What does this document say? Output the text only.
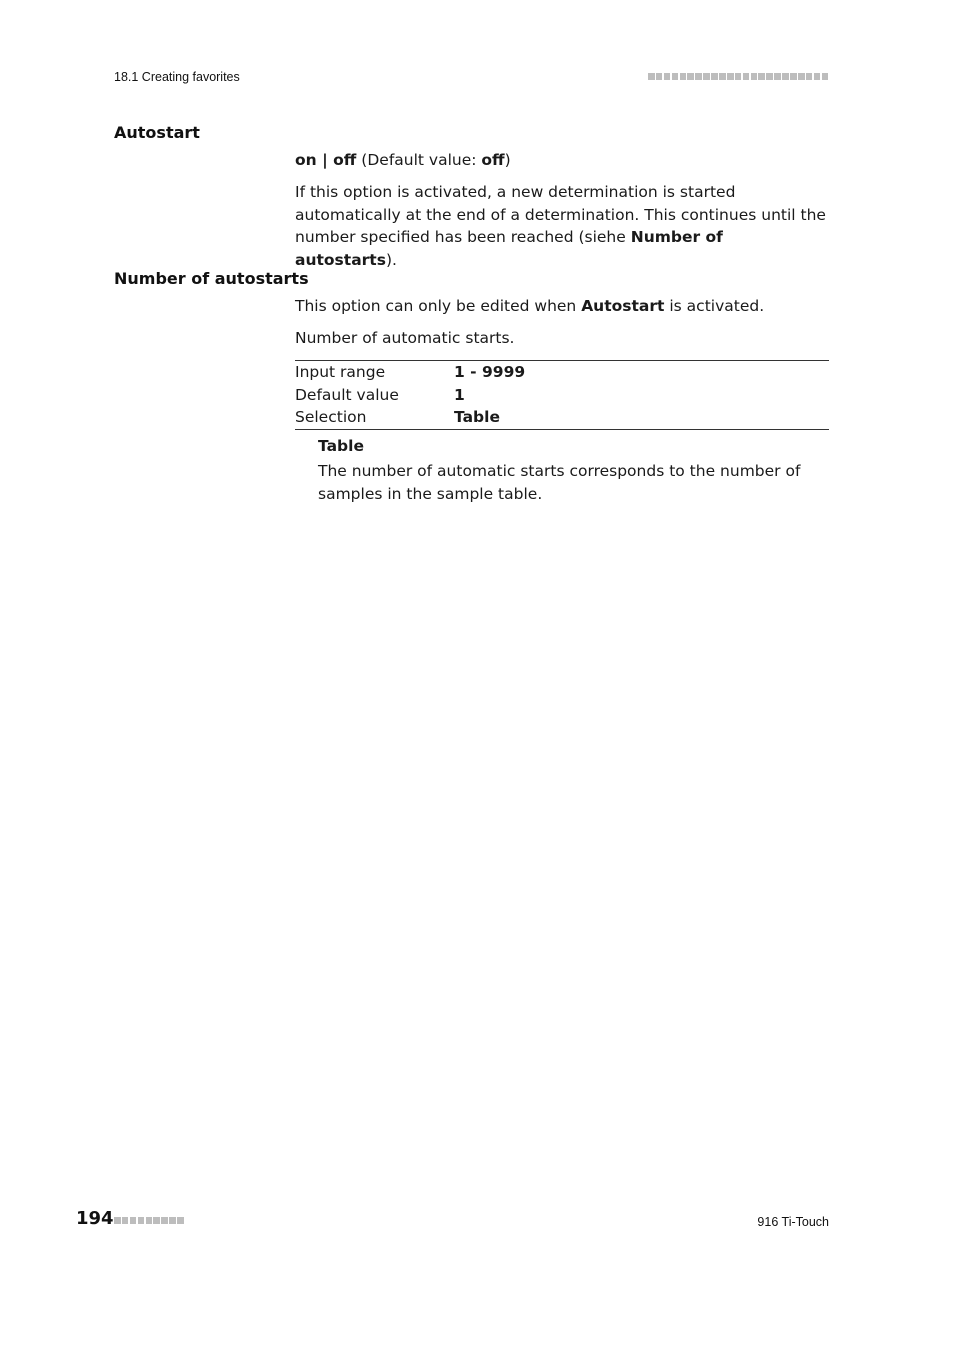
18.1 Creating favorites
Autostart
on | off (Default value: off)
If this option is activated, a new determination is started automatically at the end of a determination. This continues until the number specified has been reached (siehe Number of autostarts).
Number of autostarts
This option can only be edited when Autostart is activated.
Number of automatic starts.
Input range	1 - 9999
Default value	1
Selection	Table
Table
The number of automatic starts corresponds to the number of samples in the sample table.
194	916 Ti-Touch
